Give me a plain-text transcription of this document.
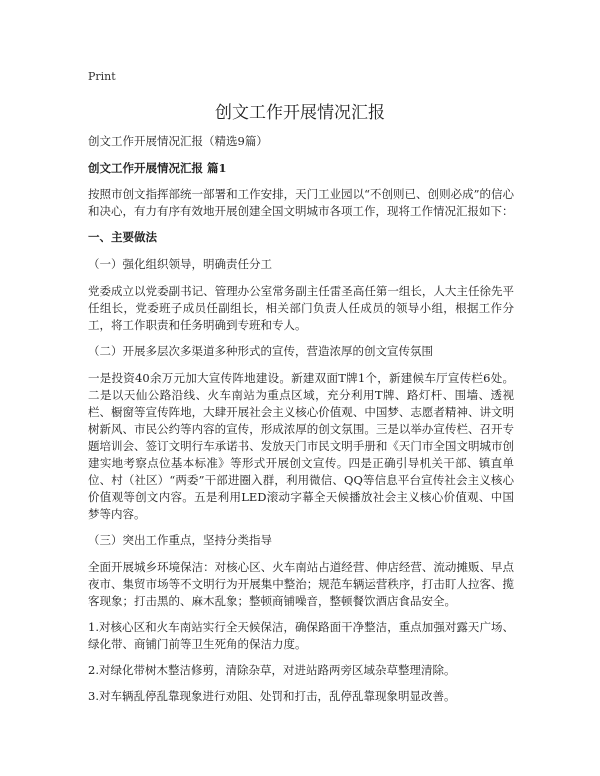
Print
创文工作开展情况汇报

创文工作开展情况汇报（精选9篇）

创文工作开展情况汇报 篇1

按照市创文指挥部统一部署和工作安排，天门工业园以“不创则已、创则必成”的信心和决心，有力有序有效地开展创建全国文明城市各项工作，现将工作情况汇报如下：

一、主要做法

（一）强化组织领导，明确责任分工

党委成立以党委副书记、管理办公室常务副主任雷圣高任第一组长，人大主任徐先平任组长，党委班子成员任副组长，相关部门负责人任成员的领导小组，根据工作分工，将工作职责和任务明确到专班和专人。

（二）开展多层次多渠道多种形式的宣传，营造浓厚的创文宣传氛围

一是投资40余万元加大宣传阵地建设。新建双面T牌1个，新建候车厅宣传栏6处。二是以天仙公路沿线、火车南站为重点区域，充分利用T牌、路灯杆、围墙、透视栏、橱窗等宣传阵地，大肆开展社会主义核心价值观、中国梦、志愿者精神、讲文明树新风、市民公约等内容的宣传，形成浓厚的创文氛围。三是以举办宣传栏、召开专题培训会、签订文明行车承诺书、发放天门市民文明手册和《天门市全国文明城市创建实地考察点位基本标准》等形式开展创文宣传。四是正确引导机关干部、镇直单位、村（社区）“两委”干部进圈入群，利用微信、QQ等信息平台宣传社会主义核心价值观等创文内容。五是利用LED滚动字幕全天候播放社会主义核心价值观、中国梦等内容。

（三）突出工作重点，坚持分类指导

全面开展城乡环境保洁：对核心区、火车南站占道经营、伸店经营、流动摊贩、早点夜市、集贸市场等不文明行为开展集中整治；规范车辆运营秩序，打击盯人拉客、揽客现象；打击黑的、麻木乱象；整顿商铺噪音，整顿餐饮酒店食品安全。

1.对核心区和火车南站实行全天候保洁，确保路面干净整洁，重点加强对露天广场、绿化带、商铺门前等卫生死角的保洁力度。

2.对绿化带树木整洁修剪，清除杂草，对进站路两旁区域杂草整理清除。

3.对车辆乱停乱靠现象进行劝阻、处罚和打击，乱停乱靠现象明显改善。
